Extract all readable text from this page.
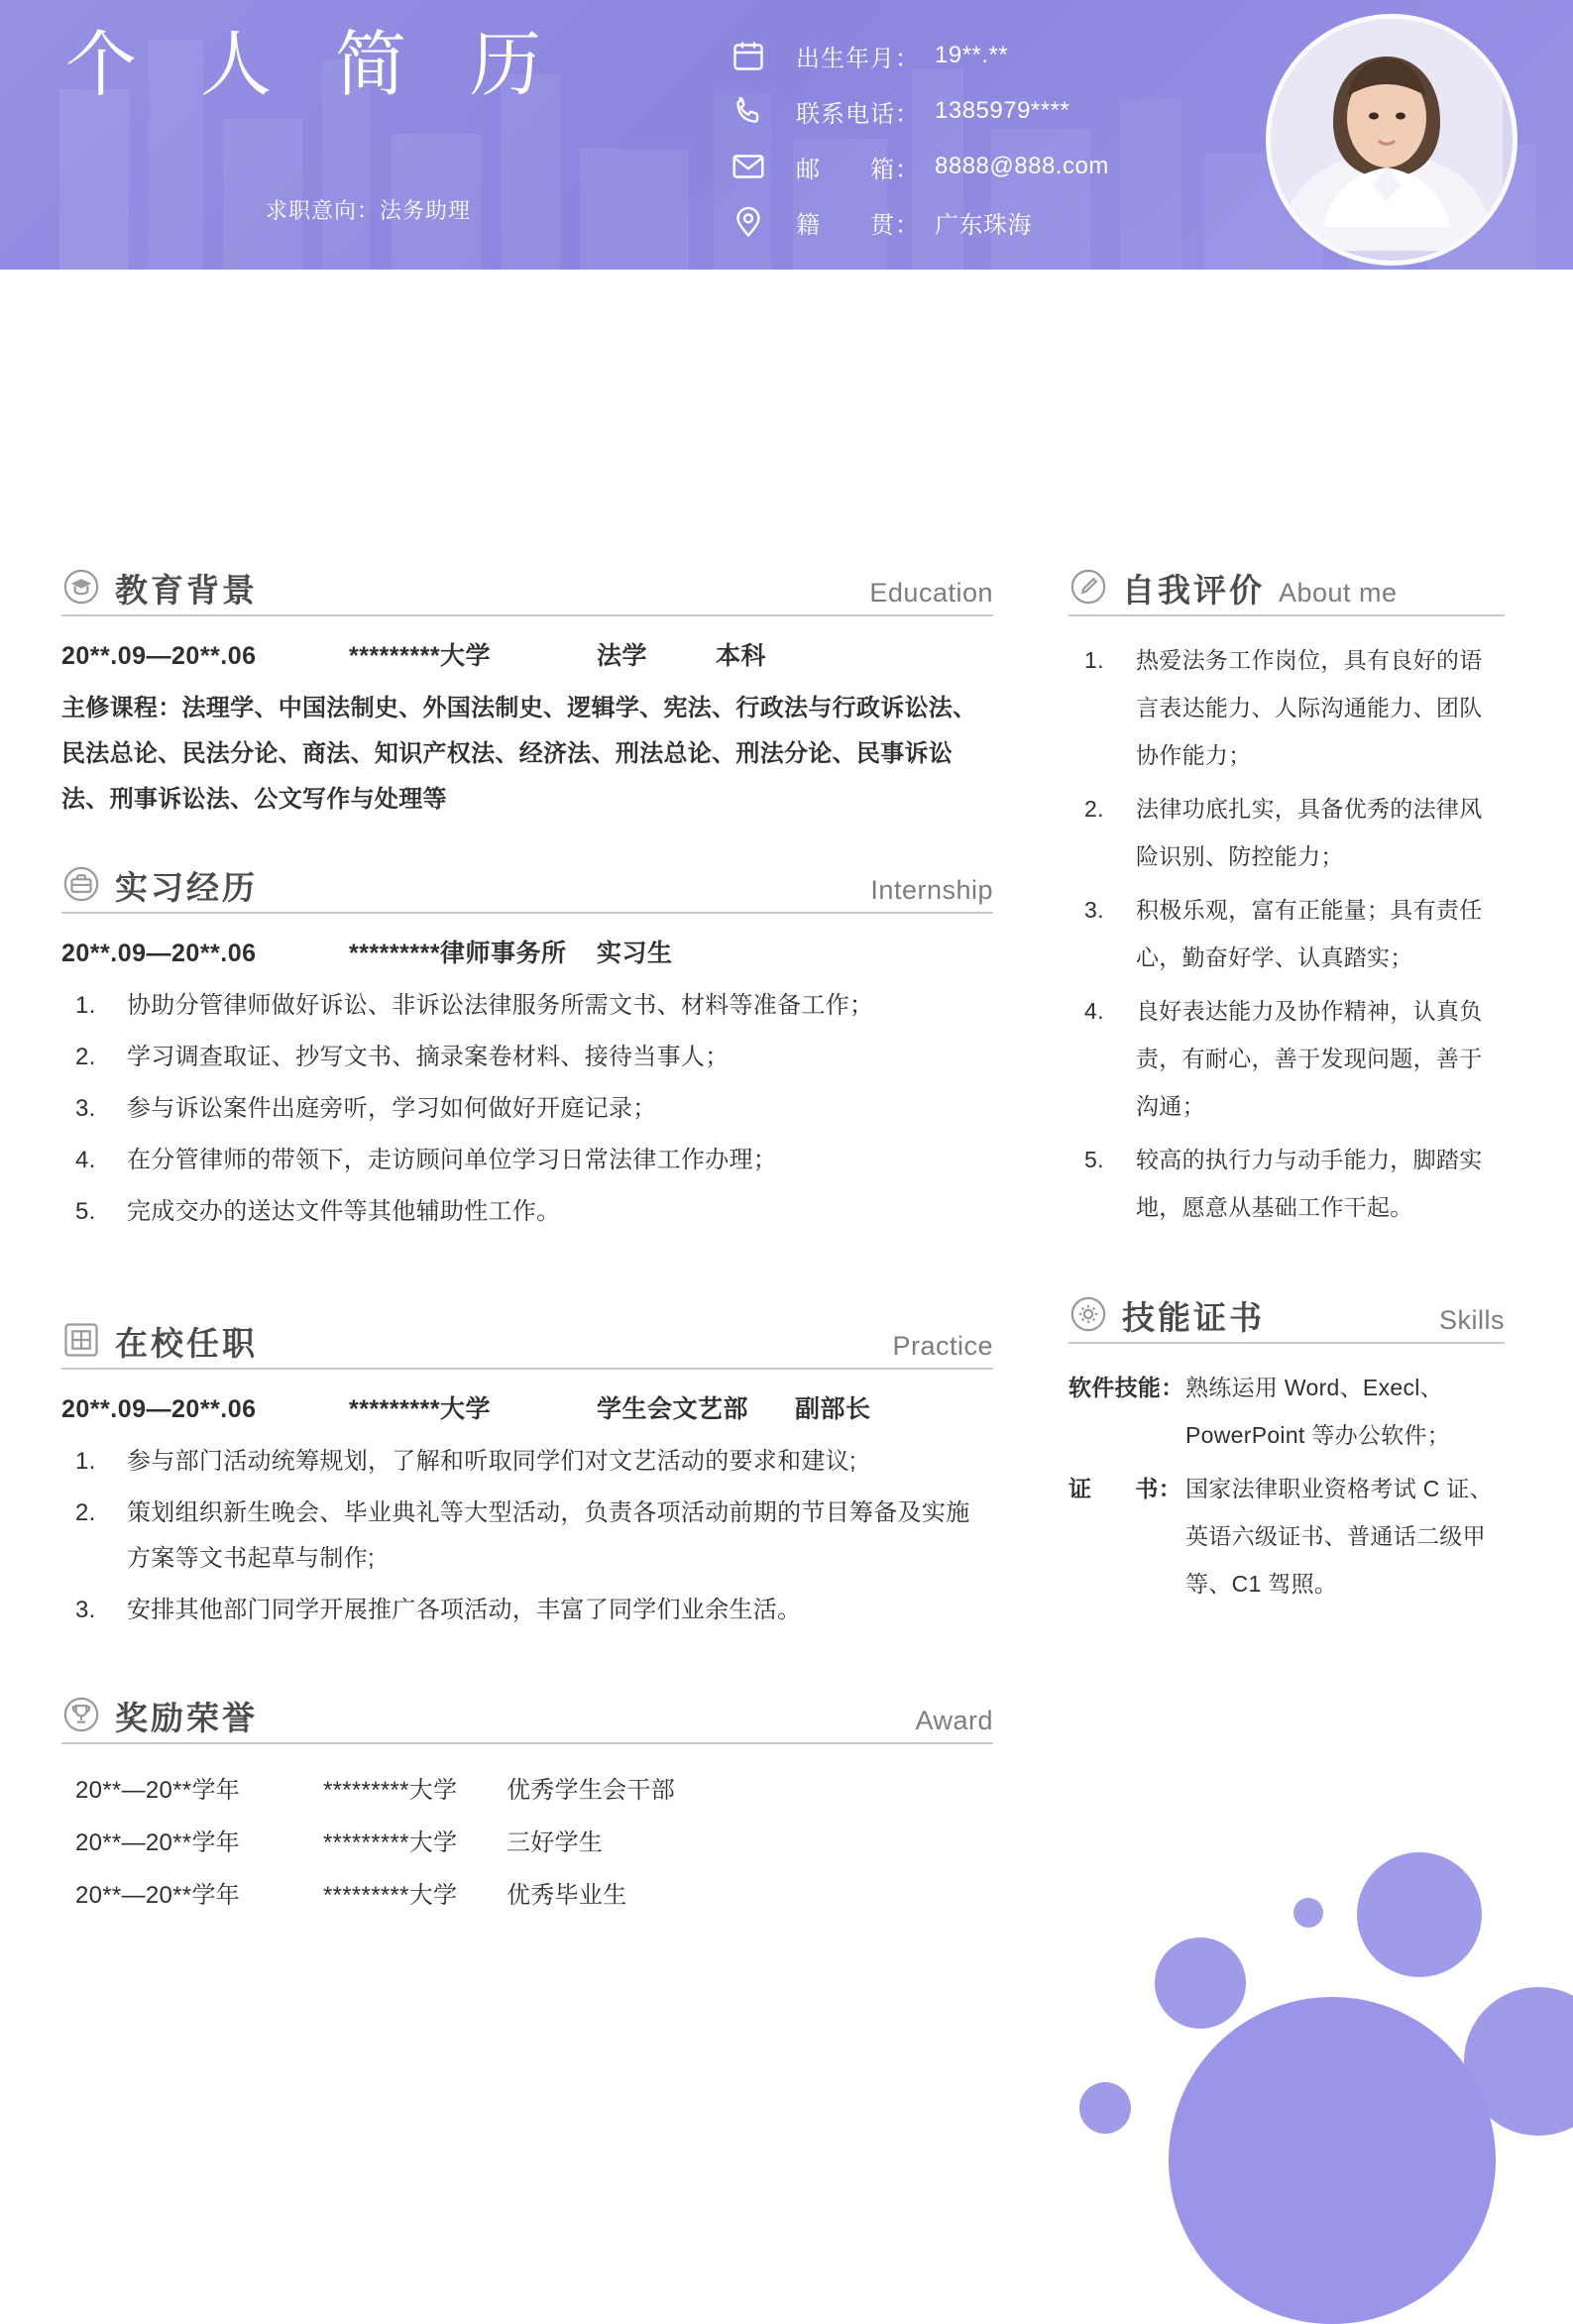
个 人 简 历
求职意向：法务助理
出生年月： 19**.**
联系电话： 1385979****
邮　　箱： 8888@888.com
籍　　贯： 广东珠海
教育背景	Education
20**.09—20**.06	*********大学	法学	本科
主修课程：法理学、中国法制史、外国法制史、逻辑学、宪法、行政法与行政诉讼法、民法总论、民法分论、商法、知识产权法、经济法、刑法总论、刑法分论、民事诉讼法、刑事诉讼法、公文写作与处理等
实习经历	Internship
20**.09—20**.06	*********律师事务所	实习生
1.	协助分管律师做好诉讼、非诉讼法律服务所需文书、材料等准备工作；
2.	学习调查取证、抄写文书、摘录案卷材料、接待当事人；
3.	参与诉讼案件出庭旁听，学习如何做好开庭记录；
4.	在分管律师的带领下，走访顾问单位学习日常法律工作办理；
5.	完成交办的送达文件等其他辅助性工作。
在校任职	Practice
20**.09—20**.06	*********大学	学生会文艺部	副部长
1.	参与部门活动统筹规划，了解和听取同学们对文艺活动的要求和建议;
2.	策划组织新生晚会、毕业典礼等大型活动，负责各项活动前期的节目筹备及实施方案等文书起草与制作;
3.	安排其他部门同学开展推广各项活动，丰富了同学们业余生活。
奖励荣誉	Award
20**—20**学年	*********大学	优秀学生会干部
20**—20**学年	*********大学	三好学生
20**—20**学年	*********大学	优秀毕业生
自我评价 About me
1. 热爱法务工作岗位，具有良好的语言表达能力、人际沟通能力、团队协作能力；
2. 法律功底扎实，具备优秀的法律风险识别、防控能力；
3. 积极乐观，富有正能量；具有责任心，勤奋好学、认真踏实；
4. 良好表达能力及协作精神，认真负责，有耐心，善于发现问题，善于沟通；
5. 较高的执行力与动手能力，脚踏实地，愿意从基础工作干起。
技能证书	Skills
软件技能： 熟练运用 Word、Execl、PowerPoint 等办公软件；
证 书： 国家法律职业资格考试 C 证、英语六级证书、普通话二级甲等、C1 驾照。
